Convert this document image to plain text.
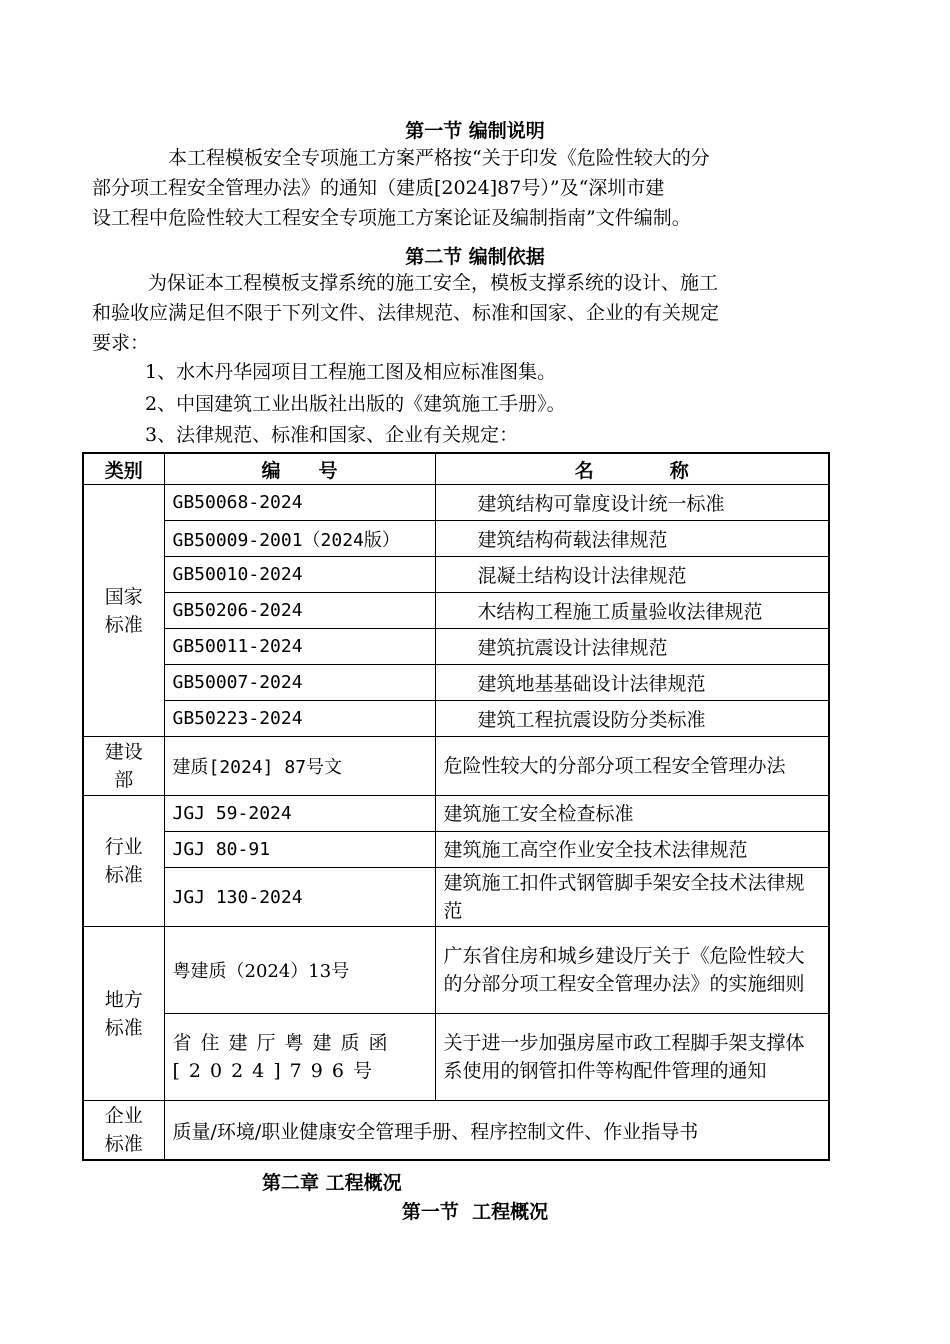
第一节 编制说明
本工程模板安全专项施工方案严格按“关于印发《危险性较大的分
部分项工程安全管理办法》的通知（建质[2024]87号）”及“深圳市建
设工程中危险性较大工程安全专项施工方案论证及编制指南”文件编制。
第二节 编制依据
为保证本工程模板支撑系统的施工安全，模板支撑系统的设计、施工
和验收应满足但不限于下列文件、法律规范、标准和国家、企业的有关规定
要求：
1、水木丹华园项目工程施工图及相应标准图集。
2、中国建筑工业出版社出版的《建筑施工手册》。
3、法律规范、标准和国家、企业有关规定：
类别	编　　号	名　　　　称

国家标准	GB50068-2024	建筑结构可靠度设计统一标准
	GB50009-2001（2024版）	建筑结构荷载法律规范
	GB50010-2024	混凝土结构设计法律规范
	GB50206-2024	木结构工程施工质量验收法律规范
	GB50011-2024	建筑抗震设计法律规范
	GB50007-2024	建筑地基基础设计法律规范
	GB50223-2024	建筑工程抗震设防分类标准

建设部	建质[2024] 87号文	危险性较大的分部分项工程安全管理办法

行业标准	JGJ 59-2024	建筑施工安全检查标准
	JGJ 80-91	建筑施工高空作业安全技术法律规范
	JGJ 130-2024	建筑施工扣件式钢管脚手架安全技术法律规范

地方标准	粤建质（2024）13号	广东省住房和城乡建设厅关于《危险性较大的分部分项工程安全管理办法》的实施细则
	省住建厅粤建质函[2024]796号	关于进一步加强房屋市政工程脚手架支撑体系使用的钢管扣件等构配件管理的通知

企业标准	质量/环境/职业健康安全管理手册、程序控制文件、作业指导书	
第二章 工程概况
第一节  工程概况
